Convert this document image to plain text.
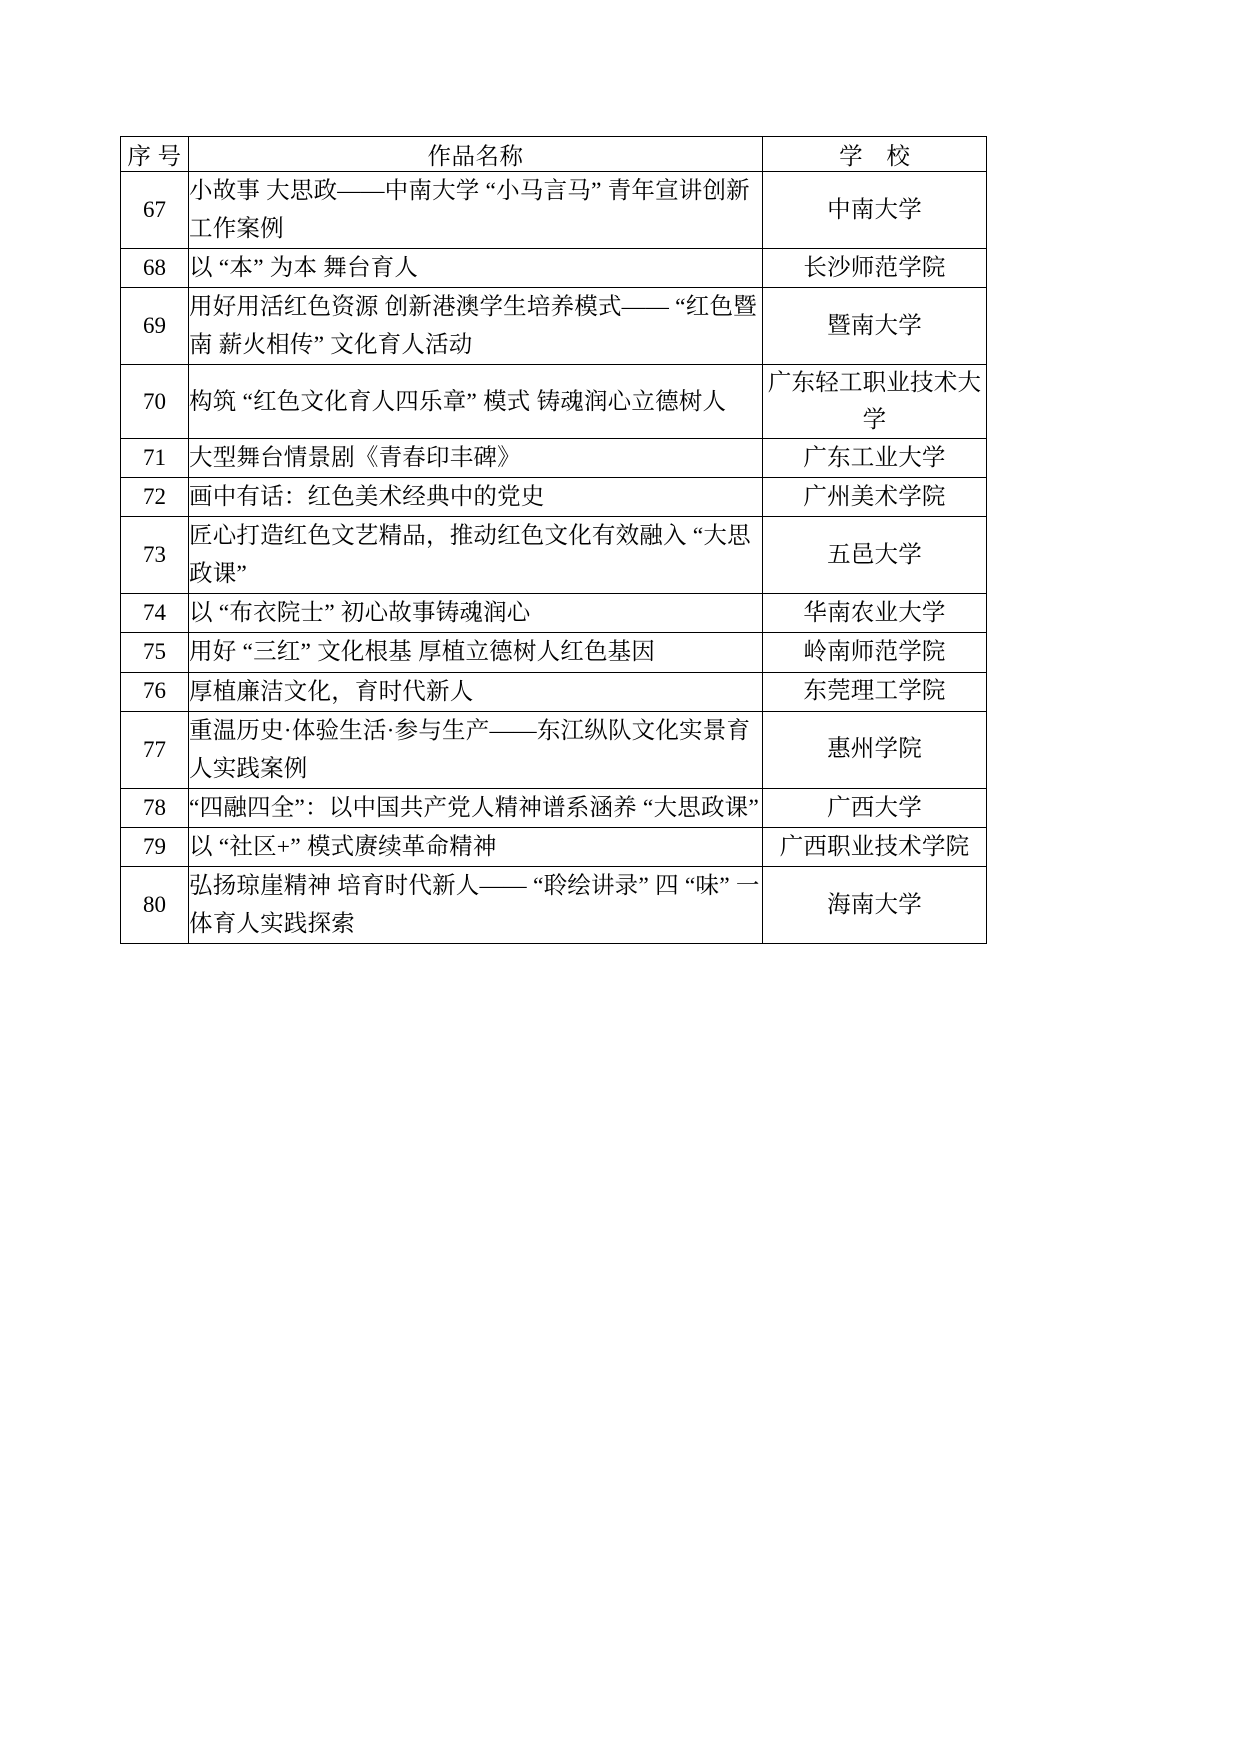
序 号	作品名称	学 校
67	小故事 大思政——中南大学 “小马言马” 青年宣讲创新工作案例	中南大学
68	以 “本” 为本 舞台育人	长沙师范学院
69	用好用活红色资源 创新港澳学生培养模式—— “红色暨南 薪火相传” 文化育人活动	暨南大学
70	构筑 “红色文化育人四乐章” 模式 铸魂润心立德树人	广东轻工职业技术大学
71	大型舞台情景剧《青春印丰碑》	广东工业大学
72	画中有话：红色美术经典中的党史	广州美术学院
73	匠心打造红色文艺精品，推动红色文化有效融入 “大思政课”	五邑大学
74	以 “布衣院士” 初心故事铸魂润心	华南农业大学
75	用好 “三红” 文化根基 厚植立德树人红色基因	岭南师范学院
76	厚植廉洁文化，育时代新人	东莞理工学院
77	重温历史·体验生活·参与生产——东江纵队文化实景育人实践案例	惠州学院
78	“四融四全”：以中国共产党人精神谱系涵养 “大思政课”	广西大学
79	以 “社区+” 模式赓续革命精神	广西职业技术学院
80	弘扬琼崖精神 培育时代新人—— “聆绘讲录” 四 “味” 一体育人实践探索	海南大学
